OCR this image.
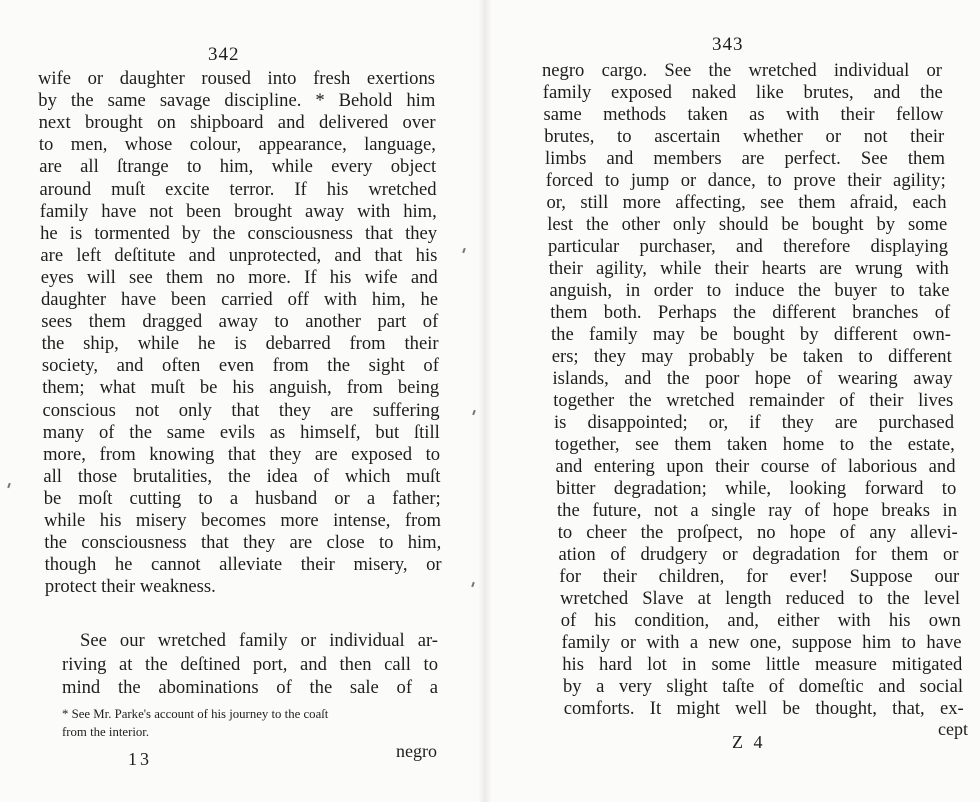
342
wife or daughter roused into fresh exertions
by the same savage discipline. * Behold him
next brought on shipboard and delivered over
to men, whose colour, appearance, language,
are all ſtrange to him, while every object
around muſt excite terror. If his wretched
family have not been brought away with him,
he is tormented by the consciousness that they
are left deſtitute and unprotected, and that his
eyes will see them no more. If his wife and
daughter have been carried off with him, he
sees them dragged away to another part of
the ship, while he is debarred from their
society, and often even from the sight of
them; what muſt be his anguish, from being
conscious not only that they are suffering
many of the same evils as himself, but ſtill
more, from knowing that they are exposed to
all those brutalities, the idea of which muſt
be moſt cutting to a husband or a father;
while his misery becomes more intense, from
the consciousness that they are close to him,
though he cannot alleviate their misery, or
protect their weakness.
See our wretched family or individual ar-
riving at the deſtined port, and then call to
mind the abominations of the sale of a
* See Mr. Parke's account of his journey to the coaſt
from the interior.
13	negro
343
negro cargo. See the wretched individual or
family exposed naked like brutes, and the
same methods taken as with their fellow
brutes, to ascertain whether or not their
limbs and members are perfect. See them
forced to jump or dance, to prove their agility;
or, still more affecting, see them afraid, each
lest the other only should be bought by some
particular purchaser, and therefore displaying
their agility, while their hearts are wrung with
anguish, in order to induce the buyer to take
them both. Perhaps the different branches of
the family may be bought by different own-
ers; they may probably be taken to different
islands, and the poor hope of wearing away
together the wretched remainder of their lives
is disappointed; or, if they are purchased
together, see them taken home to the estate,
and entering upon their course of laborious and
bitter degradation; while, looking forward to
the future, not a single ray of hope breaks in
to cheer the proſpect, no hope of any allevi-
ation of drudgery or degradation for them or
for their children, for ever! Suppose our
wretched Slave at length reduced to the level
of his condition, and, either with his own
family or with a new one, suppose him to have
his hard lot in some little measure mitigated
by a very slight taſte of domeſtic and social
comforts. It might well be thought, that, ex-
Z 4
cept
